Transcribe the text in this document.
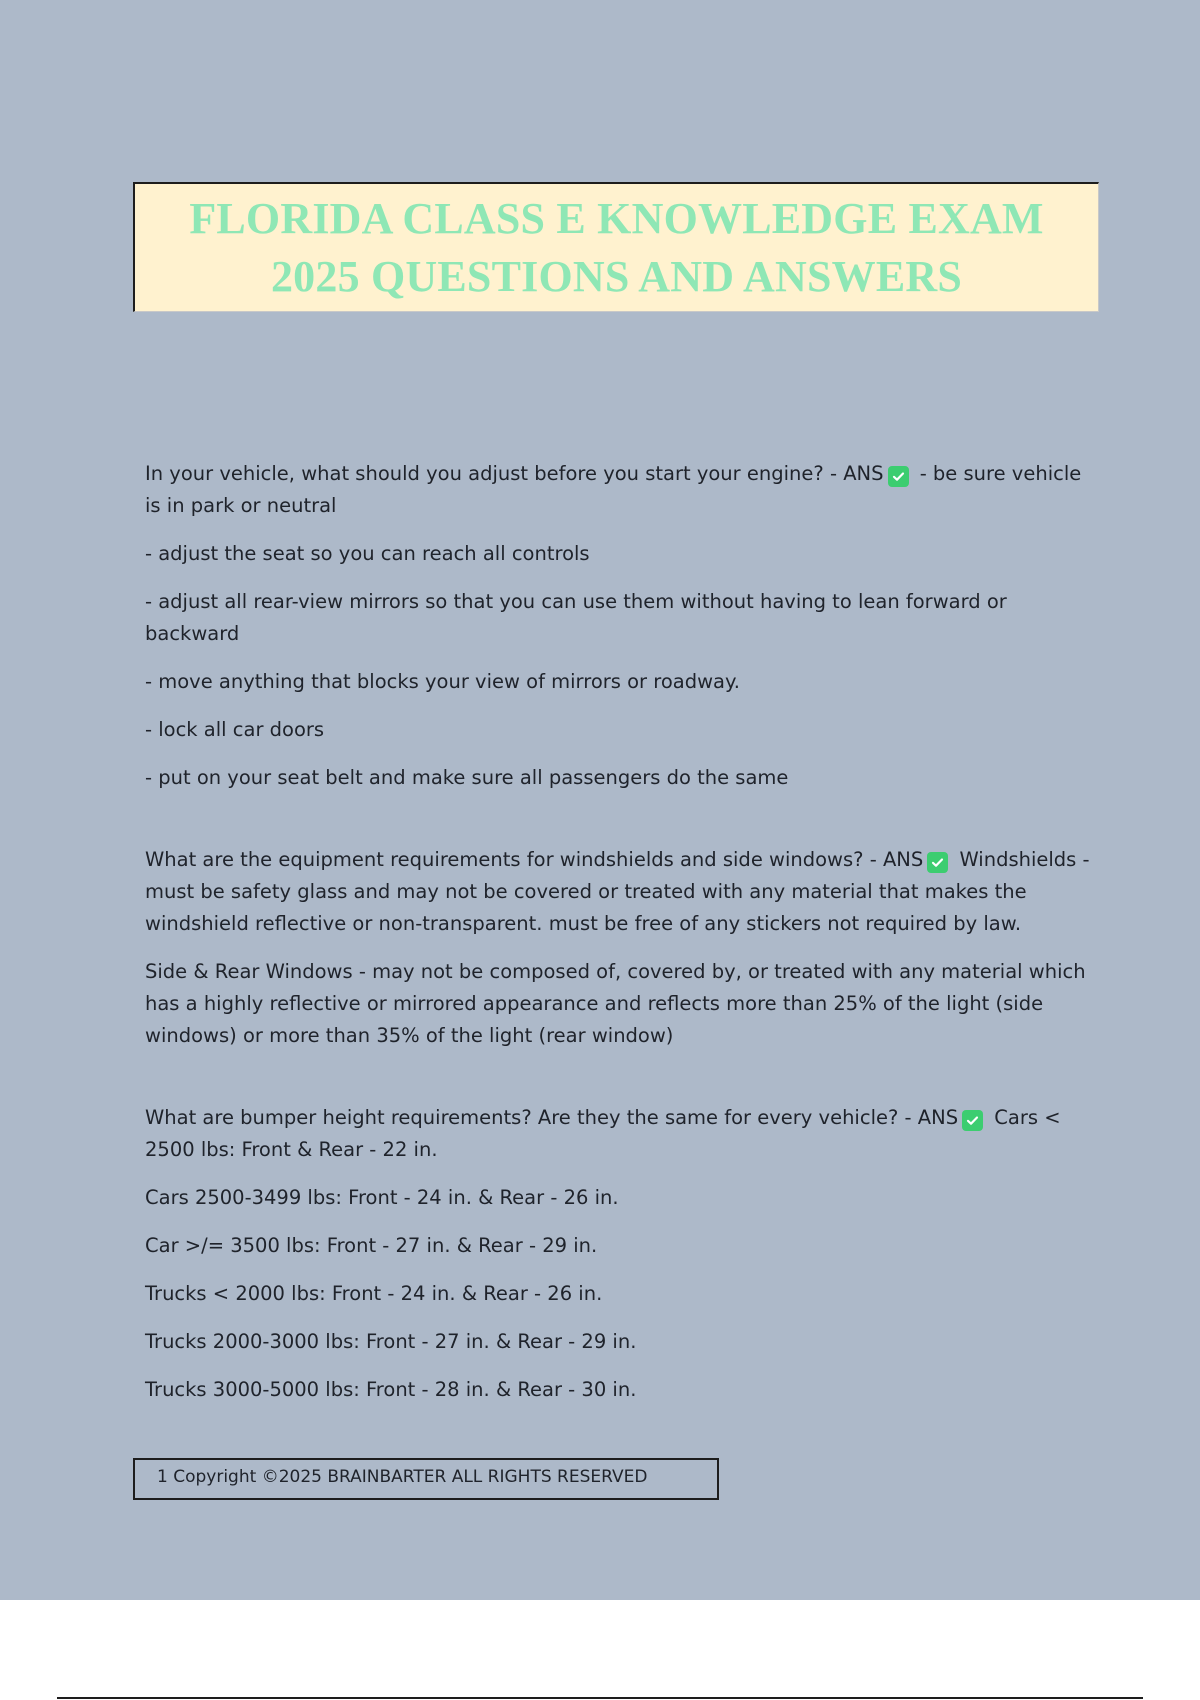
FLORIDA CLASS E KNOWLEDGE EXAM
2025 QUESTIONS AND ANSWERS

In your vehicle, what should you adjust before you start your engine? - ANS
- be sure vehicle is in park or neutral

- adjust the seat so you can reach all controls

- adjust all rear-view mirrors so that you can use them without having to lean forward or backward

- move anything that blocks your view of mirrors or roadway.

- lock all car doors

- put on your seat belt and make sure all passengers do the same

What are the equipment requirements for windshields and side windows? - ANS
Windshields - must be safety glass and may not be covered or treated with any material that makes the windshield reflective or non-transparent. must be free of any stickers not required by law.

Side & Rear Windows - may not be composed of, covered by, or treated with any material which has a highly reflective or mirrored appearance and reflects more than 25% of the light (side windows) or more than 35% of the light (rear window)

What are bumper height requirements? Are they the same for every vehicle? - ANS
Cars < 2500 lbs: Front & Rear - 22 in.

Cars 2500-3499 lbs: Front - 24 in. & Rear - 26 in.

Car >/= 3500 lbs: Front - 27 in. & Rear - 29 in.

Trucks < 2000 lbs: Front - 24 in. & Rear - 26 in.

Trucks 2000-3000 lbs: Front - 27 in. & Rear - 29 in.

Trucks 3000-5000 lbs: Front - 28 in. & Rear - 30 in.

1 Copyright ©2025 BRAINBARTER ALL RIGHTS RESERVED
